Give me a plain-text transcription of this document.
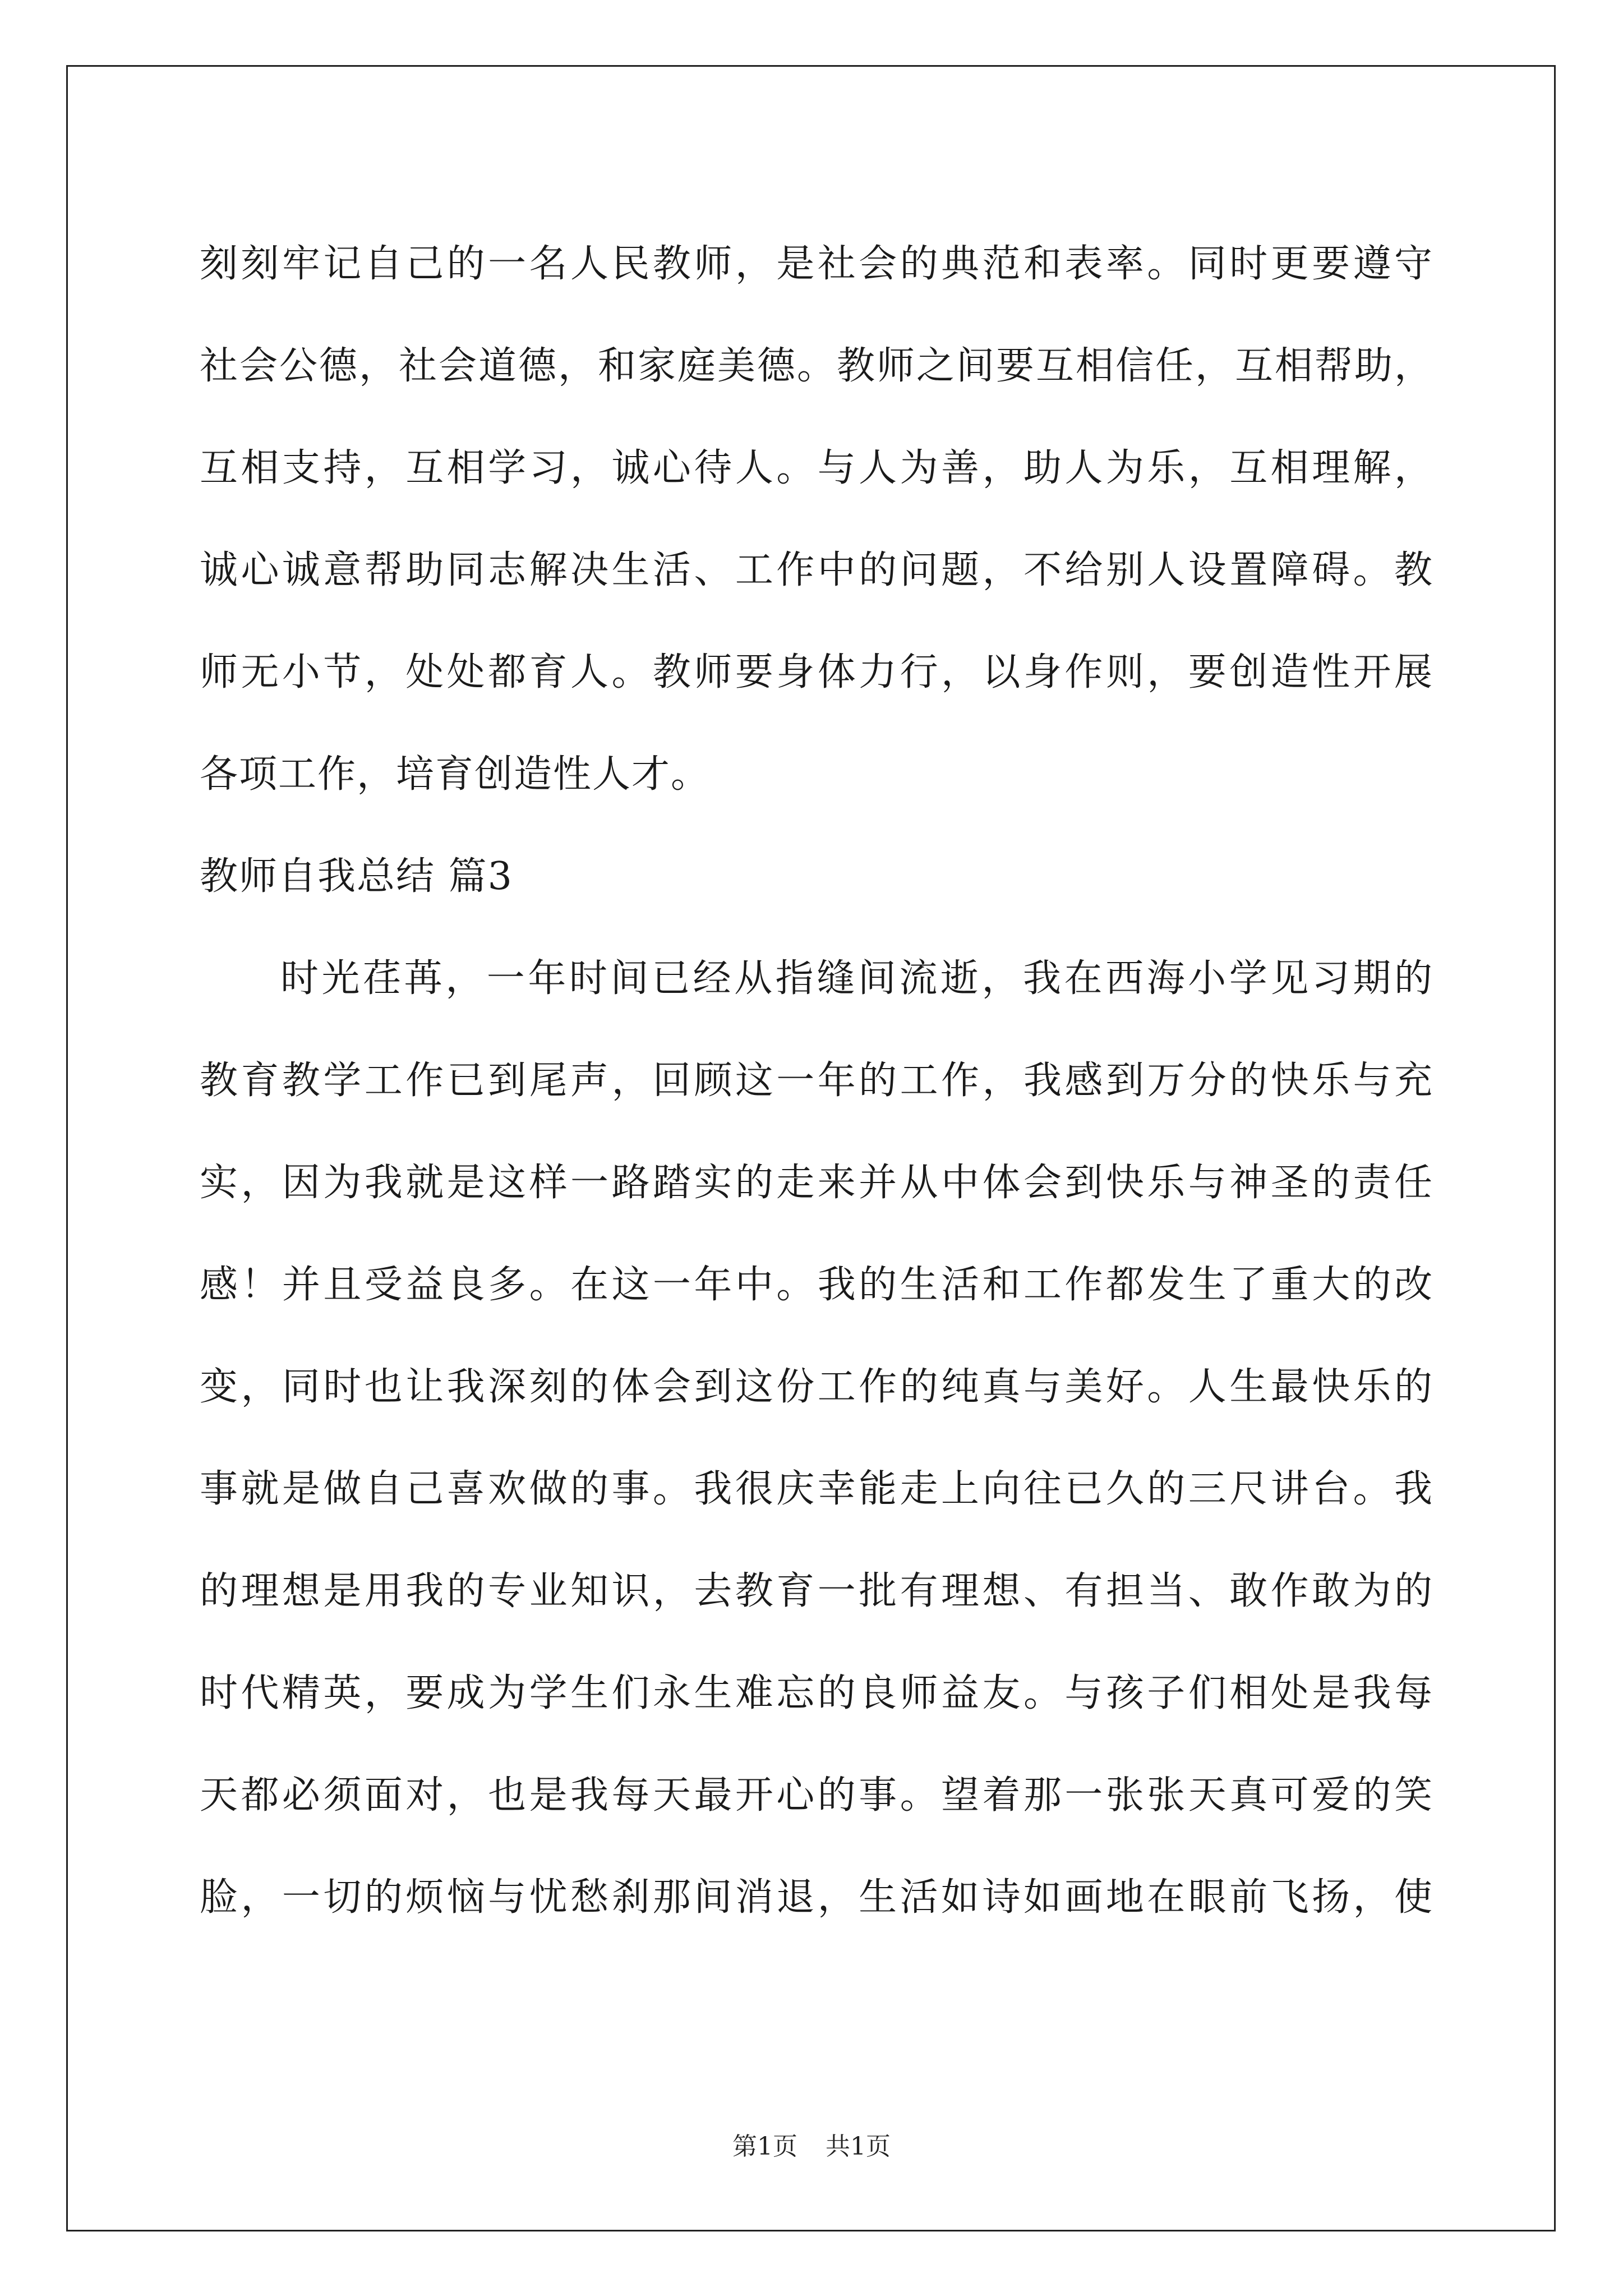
刻刻牢记自己的一名人民教师，是社会的典范和表率。同时更要遵守
社会公德，社会道德，和家庭美德。教师之间要互相信任，互相帮助，
互相支持，互相学习，诚心待人。与人为善，助人为乐，互相理解，
诚心诚意帮助同志解决生活、工作中的问题，不给别人设置障碍。教
师无小节，处处都育人。教师要身体力行，以身作则，要创造性开展
各项工作，培育创造性人才。
教师自我总结 篇3
时光荏苒，一年时间已经从指缝间流逝，我在西海小学见习期的
教育教学工作已到尾声，回顾这一年的工作，我感到万分的快乐与充
实，因为我就是这样一路踏实的走来并从中体会到快乐与神圣的责任
感！并且受益良多。在这一年中。我的生活和工作都发生了重大的改
变，同时也让我深刻的体会到这份工作的纯真与美好。人生最快乐的
事就是做自己喜欢做的事。我很庆幸能走上向往已久的三尺讲台。我
的理想是用我的专业知识，去教育一批有理想、有担当、敢作敢为的
时代精英，要成为学生们永生难忘的良师益友。与孩子们相处是我每
天都必须面对，也是我每天最开心的事。望着那一张张天真可爱的笑
脸，一切的烦恼与忧愁刹那间消退，生活如诗如画地在眼前飞扬，使
第1页 共1页
